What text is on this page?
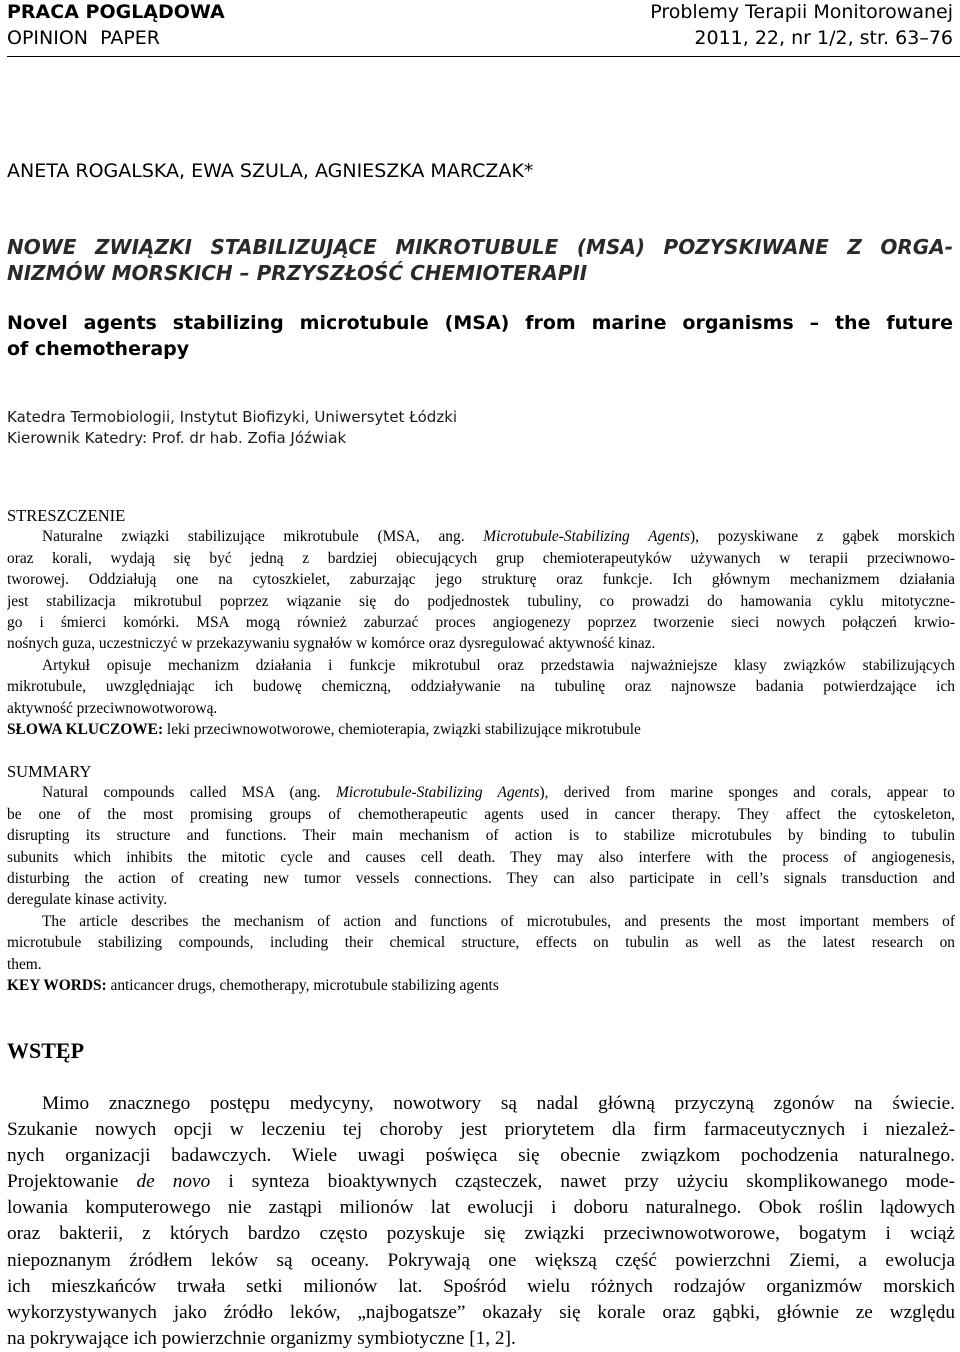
PRACA POGLĄDOWA	Problemy Terapii Monitorowanej
OPINION  PAPER	2011, 22, nr 1/2, str. 63–76
ANETA ROGALSKA, EWA SZULA, AGNIESZKA MARCZAK*
NOWE ZWIĄZKI STABILIZUJĄCE MIKROTUBULE (MSA) POZYSKIWANE Z ORGA-
NIZMÓW MORSKICH – PRZYSZŁOŚĆ CHEMIOTERAPII
Novel agents stabilizing microtubule (MSA) from marine organisms – the future
of chemotherapy
Katedra Termobiologii, Instytut Biofizyki, Uniwersytet Łódzki
Kierownik Katedry: Prof. dr hab. Zofia Jóźwiak
STRESZCZENIE
Naturalne związki stabilizujące mikrotubule (MSA, ang. Microtubule-Stabilizing Agents), pozyskiwane z gąbek morskich
oraz korali, wydają się być jedną z bardziej obiecujących grup chemioterapeutyków używanych w terapii przeciwnowo-
tworowej. Oddziałują one na cytoszkielet, zaburzając jego strukturę oraz funkcje. Ich głównym mechanizmem działania
jest stabilizacja mikrotubul poprzez wiązanie się do podjednostek tubuliny, co prowadzi do hamowania cyklu mitotyczne-
go i śmierci komórki. MSA mogą również zaburzać proces angiogenezy poprzez tworzenie sieci nowych połączeń krwio-
nośnych guza, uczestniczyć w przekazywaniu sygnałów w komórce oraz dysregulować aktywność kinaz.
Artykuł opisuje mechanizm działania i funkcje mikrotubul oraz przedstawia najważniejsze klasy związków stabilizujących
mikrotubule, uwzględniając ich budowę chemiczną, oddziaływanie na tubulinę oraz najnowsze badania potwierdzające ich
aktywność przeciwnowotworową.
SŁOWA KLUCZOWE: leki przeciwnowotworowe, chemioterapia, związki stabilizujące mikrotubule
SUMMARY
Natural compounds called MSA (ang. Microtubule-Stabilizing Agents), derived from marine sponges and corals, appear to
be one of the most promising groups of chemotherapeutic agents used in cancer therapy. They affect the cytoskeleton,
disrupting its structure and functions. Their main mechanism of action is to stabilize microtubules by binding to tubulin
subunits which inhibits the mitotic cycle and causes cell death. They may also interfere with the process of angiogenesis,
disturbing the action of creating new tumor vessels connections. They can also participate in cell’s signals transduction and
deregulate kinase activity.
The article describes the mechanism of action and functions of microtubules, and presents the most important members of
microtubule stabilizing compounds, including their chemical structure, effects on tubulin as well as the latest research on
them.
KEY WORDS: anticancer drugs, chemotherapy, microtubule stabilizing agents
WSTĘP
Mimo znacznego postępu medycyny, nowotwory są nadal główną przyczyną zgonów na świecie.
Szukanie nowych opcji w leczeniu tej choroby jest priorytetem dla firm farmaceutycznych i niezależ-
nych organizacji badawczych. Wiele uwagi poświęca się obecnie związkom pochodzenia naturalnego.
Projektowanie de novo i synteza bioaktywnych cząsteczek, nawet przy użyciu skomplikowanego mode-
lowania komputerowego nie zastąpi milionów lat ewolucji i doboru naturalnego. Obok roślin lądowych
oraz bakterii, z których bardzo często pozyskuje się związki przeciwnowotworowe, bogatym i wciąż
niepoznanym źródłem leków są oceany. Pokrywają one większą część powierzchni Ziemi, a ewolucja
ich mieszkańców trwała setki milionów lat. Spośród wielu różnych rodzajów organizmów morskich
wykorzystywanych jako źródło leków, „najbogatsze” okazały się korale oraz gąbki, głównie ze względu
na pokrywające ich powierzchnie organizmy symbiotyczne [1, 2].
